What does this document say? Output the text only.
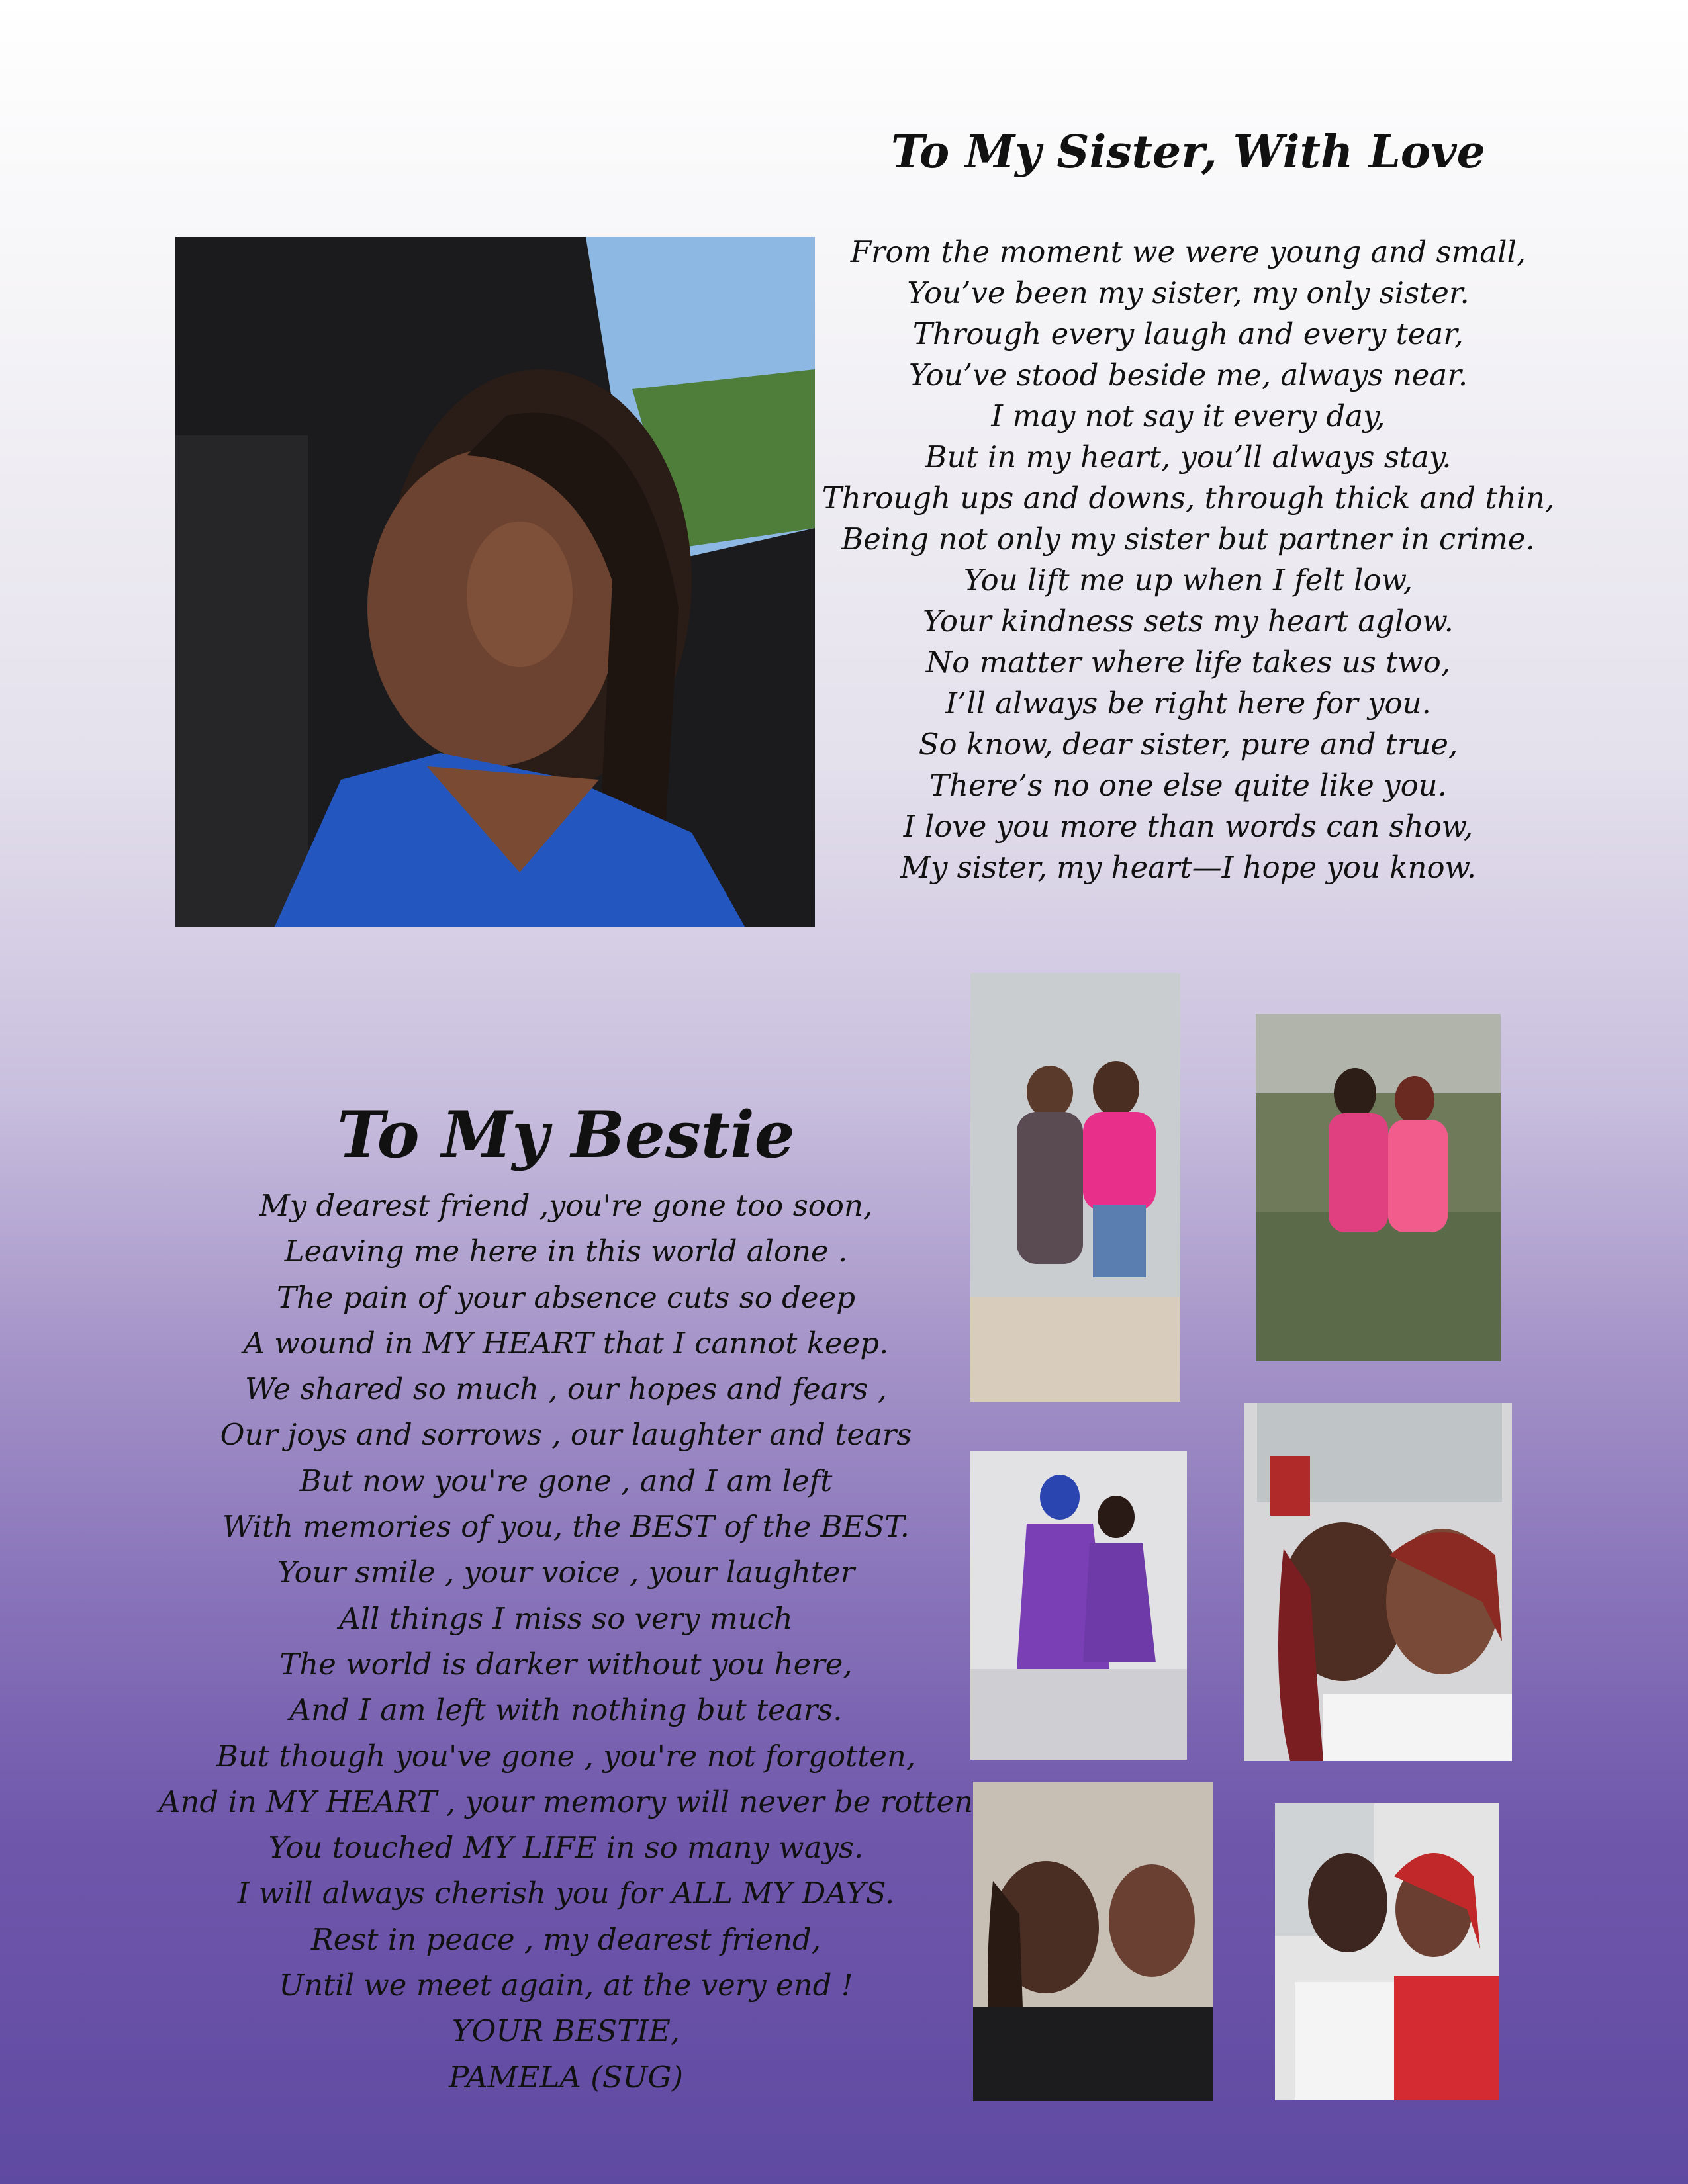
To My Sister, With Love
From the moment we were young and small,
You’ve been my sister, my only sister.
Through every laugh and every tear,
You’ve stood beside me, always near.
I may not say it every day,
But in my heart, you’ll always stay.
Through ups and downs, through thick and thin,
Being not only my sister but partner in crime.
You lift me up when I felt low,
Your kindness sets my heart aglow.
No matter where life takes us two,
I’ll always be right here for you.
So know, dear sister, pure and true,
There’s no one else quite like you.
I love you more than words can show,
My sister, my heart—I hope you know.
To My Bestie
My dearest friend ,you're gone too soon,
Leaving me here in this world alone .
The pain of your absence cuts so deep
A wound in MY HEART that I cannot keep.
We shared so much , our hopes and fears ,
Our joys and sorrows , our laughter and tears
But now you're gone , and I am left
With memories of you, the BEST of the BEST.
Your smile , your voice , your laughter
All things I miss so very much
The world is darker without you here,
And I am left with nothing but tears.
But though you've gone , you're not forgotten,
And in MY HEART , your memory will never be rotten
You touched MY LIFE in so many ways.
I will always cherish you for ALL MY DAYS.
Rest in peace , my dearest friend,
Until we meet again, at the very end !
YOUR BESTIE,
PAMELA (SUG)
